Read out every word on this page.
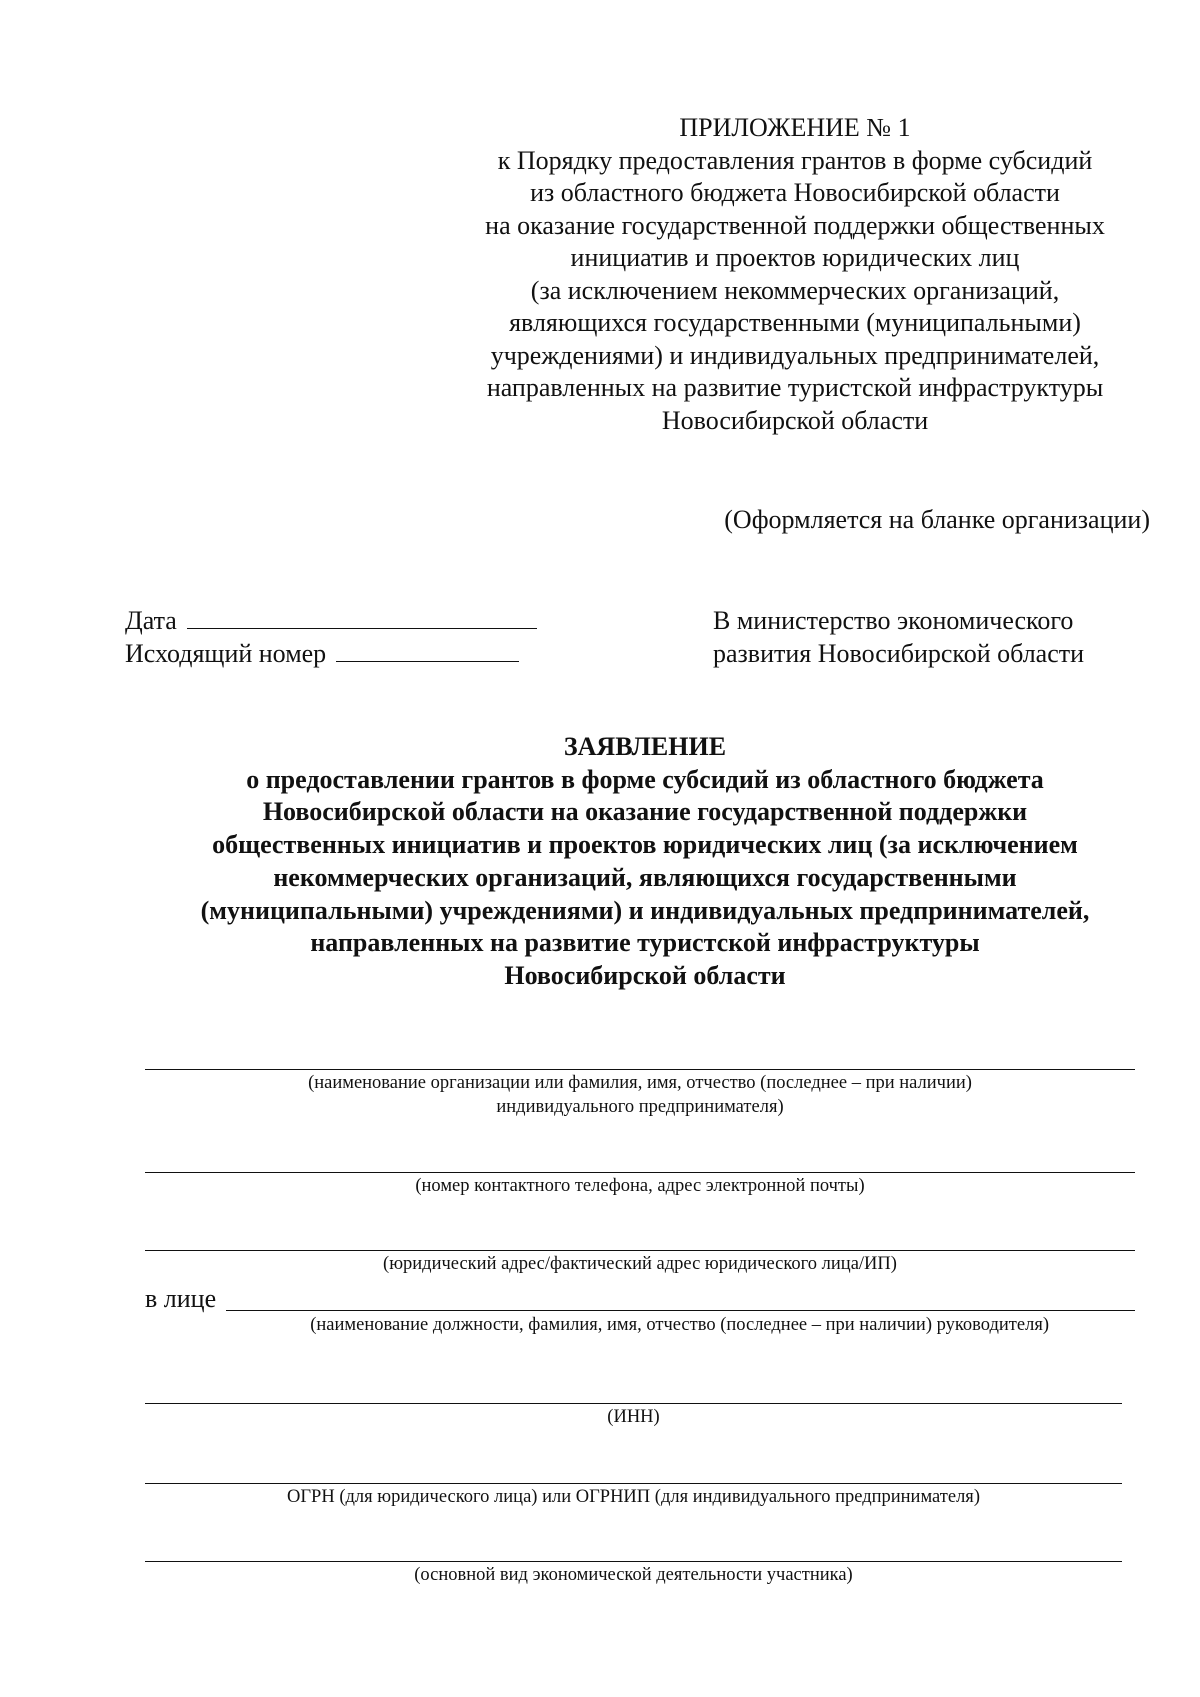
ПРИЛОЖЕНИЕ № 1
к Порядку предоставления грантов в форме субсидий
из областного бюджета Новосибирской области
на оказание государственной поддержки общественных
инициатив и проектов юридических лиц
(за исключением некоммерческих организаций,
являющихся государственными (муниципальными)
учреждениями) и индивидуальных предпринимателей,
направленных на развитие туристской инфраструктуры
Новосибирской области
(Оформляется на бланке организации)
Дата
Исходящий номер
В министерство экономического
развития Новосибирской области
ЗАЯВЛЕНИЕ
о предоставлении грантов в форме субсидий из областного бюджета
Новосибирской области на оказание государственной поддержки
общественных инициатив и проектов юридических лиц (за исключением
некоммерческих организаций, являющихся государственными
(муниципальными) учреждениями) и индивидуальных предпринимателей,
направленных на развитие туристской инфраструктуры
Новосибирской области
(наименование организации или фамилия, имя, отчество (последнее – при наличии)
индивидуального предпринимателя)
(номер контактного телефона, адрес электронной почты)
(юридический адрес/фактический адрес юридического лица/ИП)
в лице
(наименование должности, фамилия, имя, отчество (последнее – при наличии) руководителя)
(ИНН)
ОГРН (для юридического лица) или ОГРНИП (для индивидуального предпринимателя)
(основной вид экономической деятельности участника)
